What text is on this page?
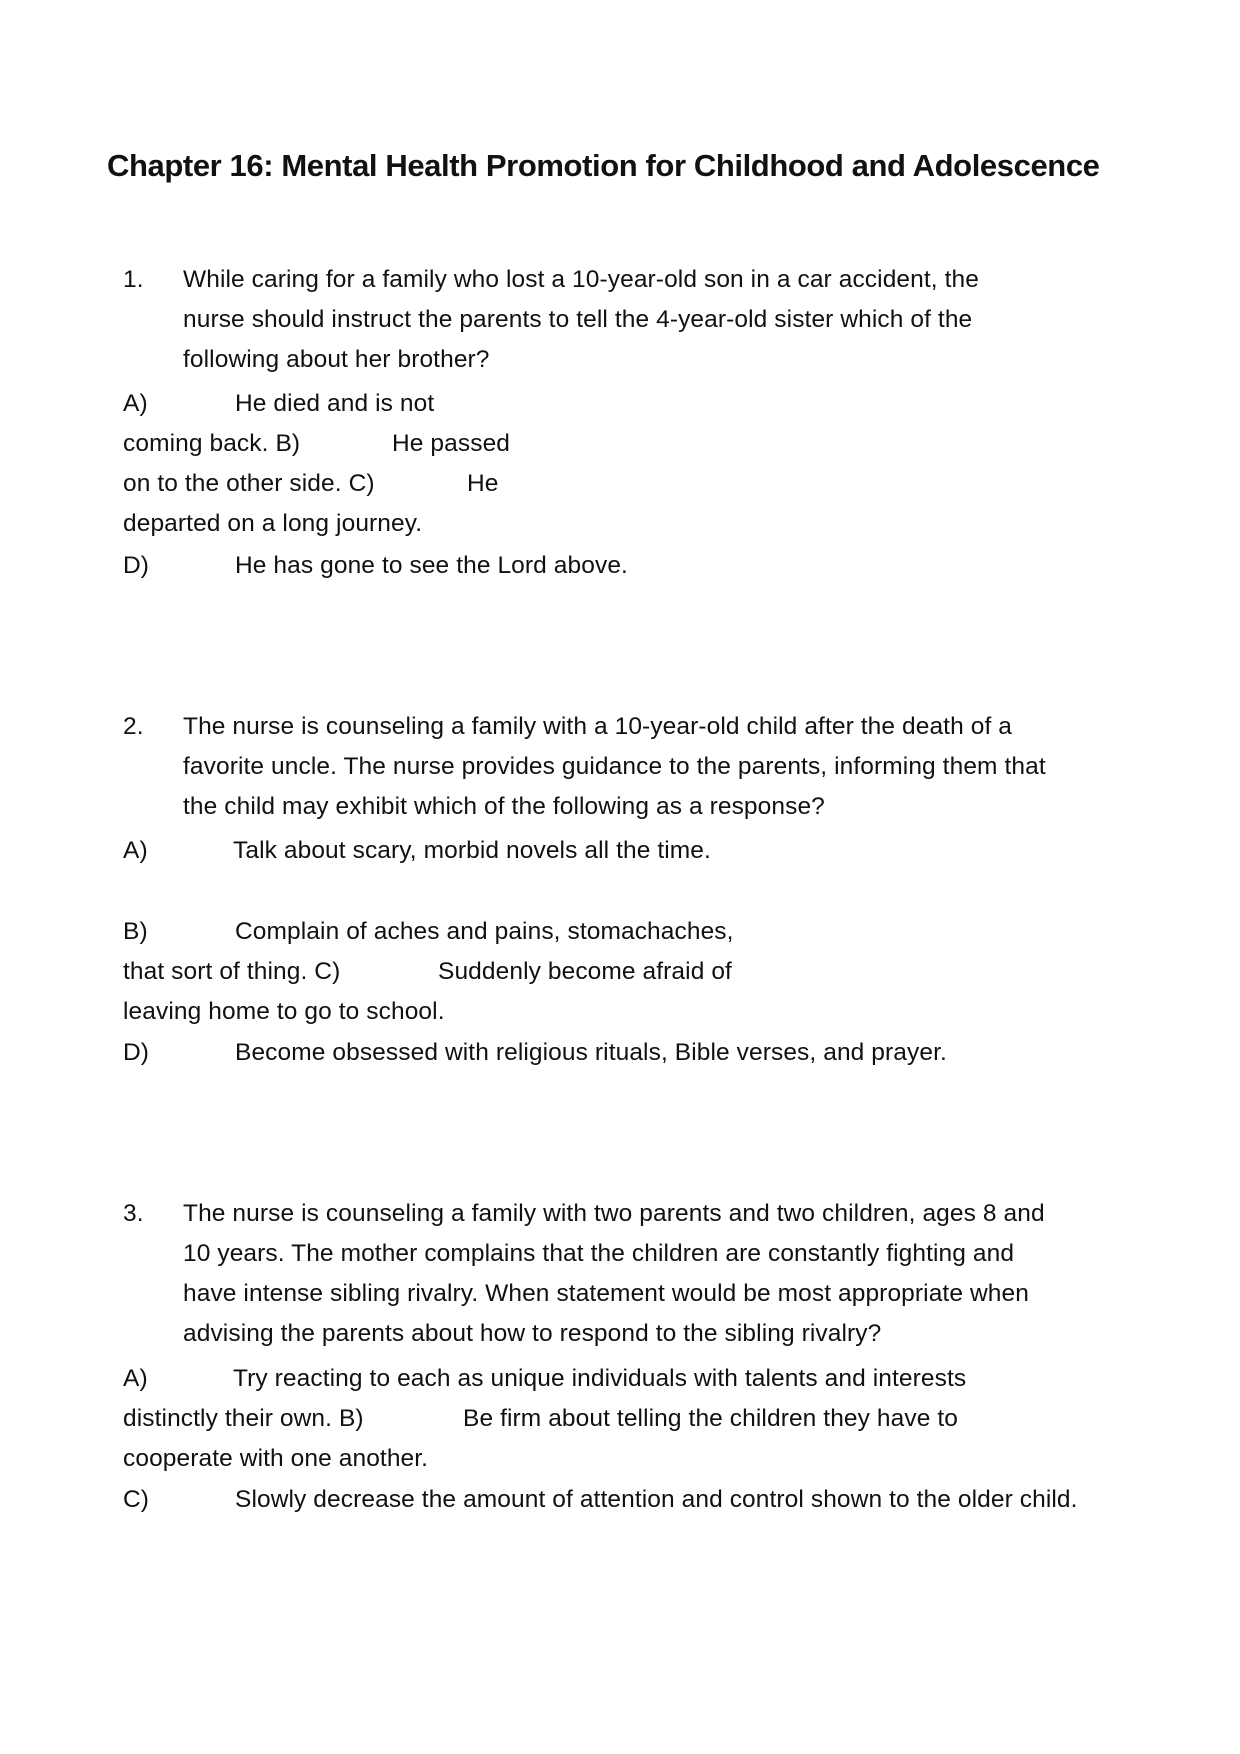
Chapter 16: Mental Health Promotion for Childhood and Adolescence
1. While caring for a family who lost a 10-year-old son in a car accident, the
nurse should instruct the parents to tell the 4-year-old sister which of the
following about her brother?
A)	He died and is not
coming back. B)	He passed
on to the other side. C)	He
departed on a long journey.
D)	He has gone to see the Lord above.
2. The nurse is counseling a family with a 10-year-old child after the death of a
favorite uncle. The nurse provides guidance to the parents, informing them that
the child may exhibit which of the following as a response?
A)	Talk about scary, morbid novels all the time.
B)	Complain of aches and pains, stomachaches,
that sort of thing. C)	Suddenly become afraid of
leaving home to go to school.
D)	Become obsessed with religious rituals, Bible verses, and prayer.
3. The nurse is counseling a family with two parents and two children, ages 8 and
10 years. The mother complains that the children are constantly fighting and
have intense sibling rivalry. When statement would be most appropriate when
advising the parents about how to respond to the sibling rivalry?
A)	Try reacting to each as unique individuals with talents and interests
distinctly their own. B)	Be firm about telling the children they have to
cooperate with one another.
C)	Slowly decrease the amount of attention and control shown to the older child.
